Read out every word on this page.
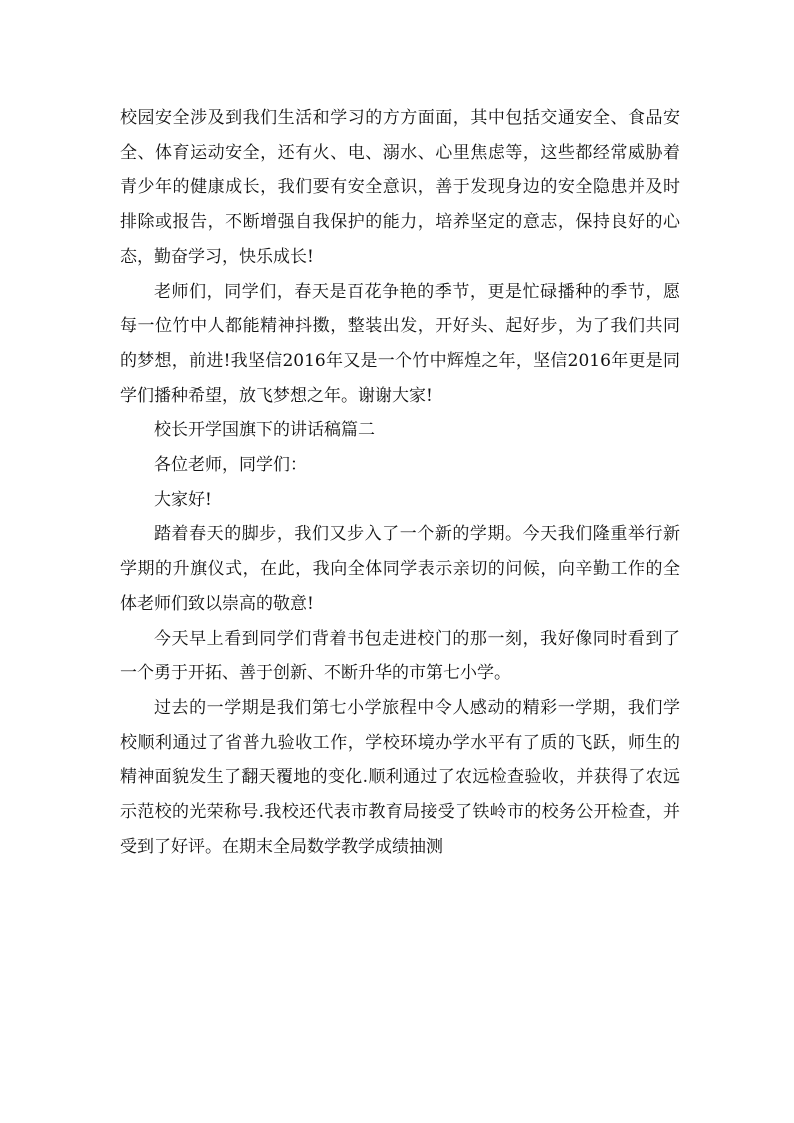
校园安全涉及到我们生活和学习的方方面面，其中包括交通安全、食品安全、体育运动安全，还有火、电、溺水、心里焦虑等，这些都经常威胁着青少年的健康成长，我们要有安全意识，善于发现身边的安全隐患并及时排除或报告，不断增强自我保护的能力，培养坚定的意志，保持良好的心态，勤奋学习，快乐成长!

老师们，同学们，春天是百花争艳的季节，更是忙碌播种的季节，愿每一位竹中人都能精神抖擞，整装出发，开好头、起好步，为了我们共同的梦想，前进!我坚信2016年又是一个竹中辉煌之年，坚信2016年更是同学们播种希望，放飞梦想之年。谢谢大家!

校长开学国旗下的讲话稿篇二

各位老师，同学们：

大家好!

踏着春天的脚步，我们又步入了一个新的学期。今天我们隆重举行新学期的升旗仪式，在此，我向全体同学表示亲切的问候，向辛勤工作的全体老师们致以崇高的敬意!

今天早上看到同学们背着书包走进校门的那一刻，我好像同时看到了一个勇于开拓、善于创新、不断升华的市第七小学。

过去的一学期是我们第七小学旅程中令人感动的精彩一学期，我们学校顺利通过了省普九验收工作，学校环境办学水平有了质的飞跃，师生的精神面貌发生了翻天覆地的变化.顺利通过了农远检查验收，并获得了农远示范校的光荣称号.我校还代表市教育局接受了铁岭市的校务公开检查，并受到了好评。在期末全局数学教学成绩抽测
